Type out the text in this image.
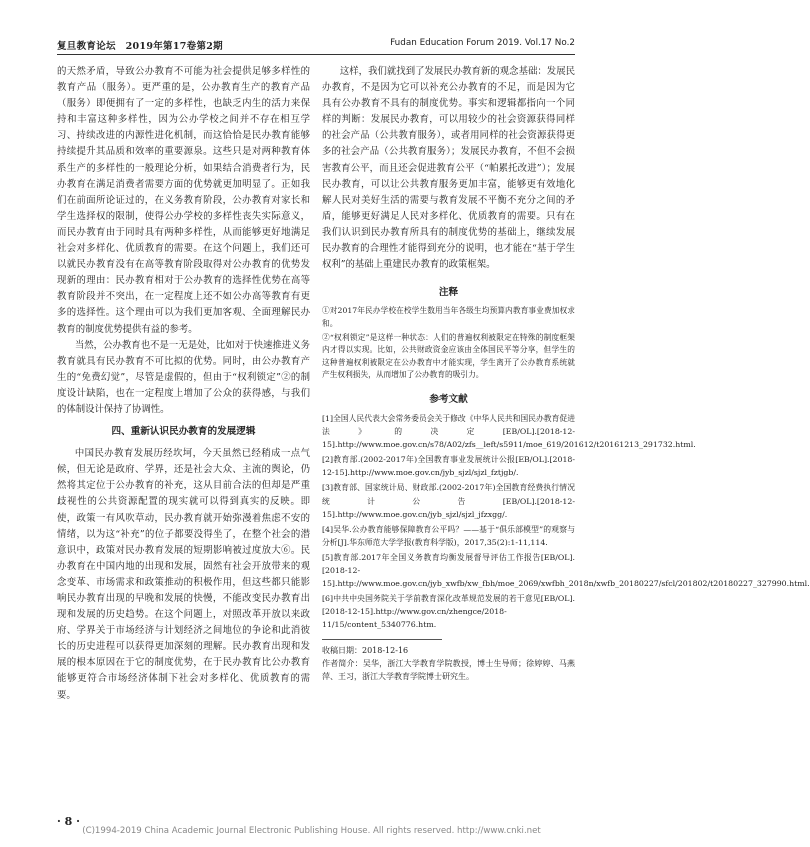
复旦教育论坛　2019年第17卷第2期	Fudan Education Forum 2019. Vol.17 No.2

的天然矛盾，导致公办教育不可能为社会提供足够多样性的教育产品（服务）。更严重的是，公办教育生产的教育产品（服务）即便拥有了一定的多样性，也缺乏内生的活力来保持和丰富这种多样性，因为公办学校之间并不存在相互学习、持续改进的内源性进化机制，而这恰恰是民办教育能够持续提升其品质和效率的重要源泉。这些只是对两种教育体系生产的多样性的一般理论分析，如果结合消费者行为，民办教育在满足消费者需要方面的优势就更加明显了。正如我们在前面所论证过的，在义务教育阶段，公办教育对家长和学生选择权的限制，使得公办学校的多样性丧失实际意义，而民办教育由于同时具有两种多样性，从而能够更好地满足社会对多样化、优质教育的需要。在这个问题上，我们还可以就民办教育没有在高等教育阶段取得对公办教育的优势发现新的理由：民办教育相对于公办教育的选择性优势在高等教育阶段并不突出，在一定程度上还不如公办高等教育有更多的选择性。这个理由可以为我们更加客观、全面理解民办教育的制度优势提供有益的参考。

当然，公办教育也不是一无是处，比如对于快速推进义务教育就具有民办教育不可比拟的优势。同时，由公办教育产生的“免费幻觉”，尽管是虚假的，但由于“权利锁定”②的制度设计缺陷，也在一定程度上增加了公众的获得感，与我们的体制设计保持了协调性。

四、重新认识民办教育的发展逻辑

中国民办教育发展历经坎坷，今天虽然已经稍成一点气候，但无论是政府、学界，还是社会大众、主流的舆论，仍然将其定位于公办教育的补充，这从目前合法的但却是严重歧视性的公共资源配置的现实就可以得到真实的反映。即使，政策一有风吹草动，民办教育就开始弥漫着焦虑不安的情绪，以为这“补充”的位子都要没得坐了，在整个社会的潜意识中，政策对民办教育发展的短期影响被过度放大⑥。民办教育在中国内地的出现和发展，固然有社会开放带来的观念变革、市场需求和政策推动的积极作用，但这些都只能影响民办教育出现的早晚和发展的快慢，不能改变民办教育出现和发展的历史趋势。在这个问题上，对照改革开放以来政府、学界关于市场经济与计划经济之间地位的争论和此消彼长的历史进程可以获得更加深刻的理解。民办教育出现和发展的根本原因在于它的制度优势，在于民办教育比公办教育能够更符合市场经济体制下社会对多样化、优质教育的需要。

这样，我们就找到了发展民办教育新的观念基础：发展民办教育，不是因为它可以补充公办教育的不足，而是因为它具有公办教育不具有的制度优势。事实和逻辑都指向一个同样的判断：发展民办教育，可以用较少的社会资源获得同样的社会产品（公共教育服务），或者用同样的社会资源获得更多的社会产品（公共教育服务）；发展民办教育，不但不会损害教育公平，而且还会促进教育公平（“帕累托改进”）；发展民办教育，可以让公共教育服务更加丰富，能够更有效地化解人民对美好生活的需要与教育发展不平衡不充分之间的矛盾，能够更好满足人民对多样化、优质教育的需要。只有在我们认识到民办教育所具有的制度优势的基础上，继续发展民办教育的合理性才能得到充分的说明，也才能在“基于学生权利”的基础上重建民办教育的政策框架。

注释
①对2017年民办学校在校学生数用当年各级生均预算内教育事业费加权求和。
②“权利锁定”是这样一种状态：人们的普遍权利被限定在特殊的制度框架内才得以实现。比如，公共财政资金应该由全体国民平等分享，但学生的这种普遍权利被限定在公办教育中才能实现，学生离开了公办教育系统就产生权利损失，从而增加了公办教育的吸引力。
参考文献
[1]全国人民代表大会常务委员会关于修改《中华人民共和国民办教育促进法》的决定[EB/OL].[2018-12-15].http://www.moe.gov.cn/s78/A02/zfs__left/s5911/moe_619/201612/t20161213_291732.html.
[2]教育部.(2002-2017年)全国教育事业发展统计公报[EB/OL].[2018-12-15].http://www.moe.gov.cn/jyb_sjzl/sjzl_fztjgb/.
[3]教育部、国家统计局、财政部.(2002-2017年)全国教育经费执行情况统计公告[EB/OL].[2018-12-15].http://www.moe.gov.cn/jyb_sjzl/sjzl_jfzxgg/.
[4]吴华.公办教育能够保障教育公平吗？——基于“俱乐部模型”的观察与分析[J].华东师范大学学报(教育科学版)，2017,35(2):1-11,114.
[5]教育部.2017年全国义务教育均衡发展督导评估工作报告[EB/OL].[2018-12-15].http://www.moe.gov.cn/jyb_xwfb/xw_fbh/moe_2069/xwfbh_2018n/xwfb_20180227/sfcl/201802/t20180227_327990.html.
[6]中共中央国务院关于学前教育深化改革规范发展的若干意见[EB/OL].[2018-12-15].http://www.gov.cn/zhengce/2018-11/15/content_5340776.htm.
收稿日期：2018-12-16
作者简介：吴华，浙江大学教育学院教授，博士生导师；徐婷婷、马燕萍、王习，浙江大学教育学院博士研究生。
· 8 ·
(C)1994-2019 China Academic Journal Electronic Publishing House. All rights reserved. http://www.cnki.net
